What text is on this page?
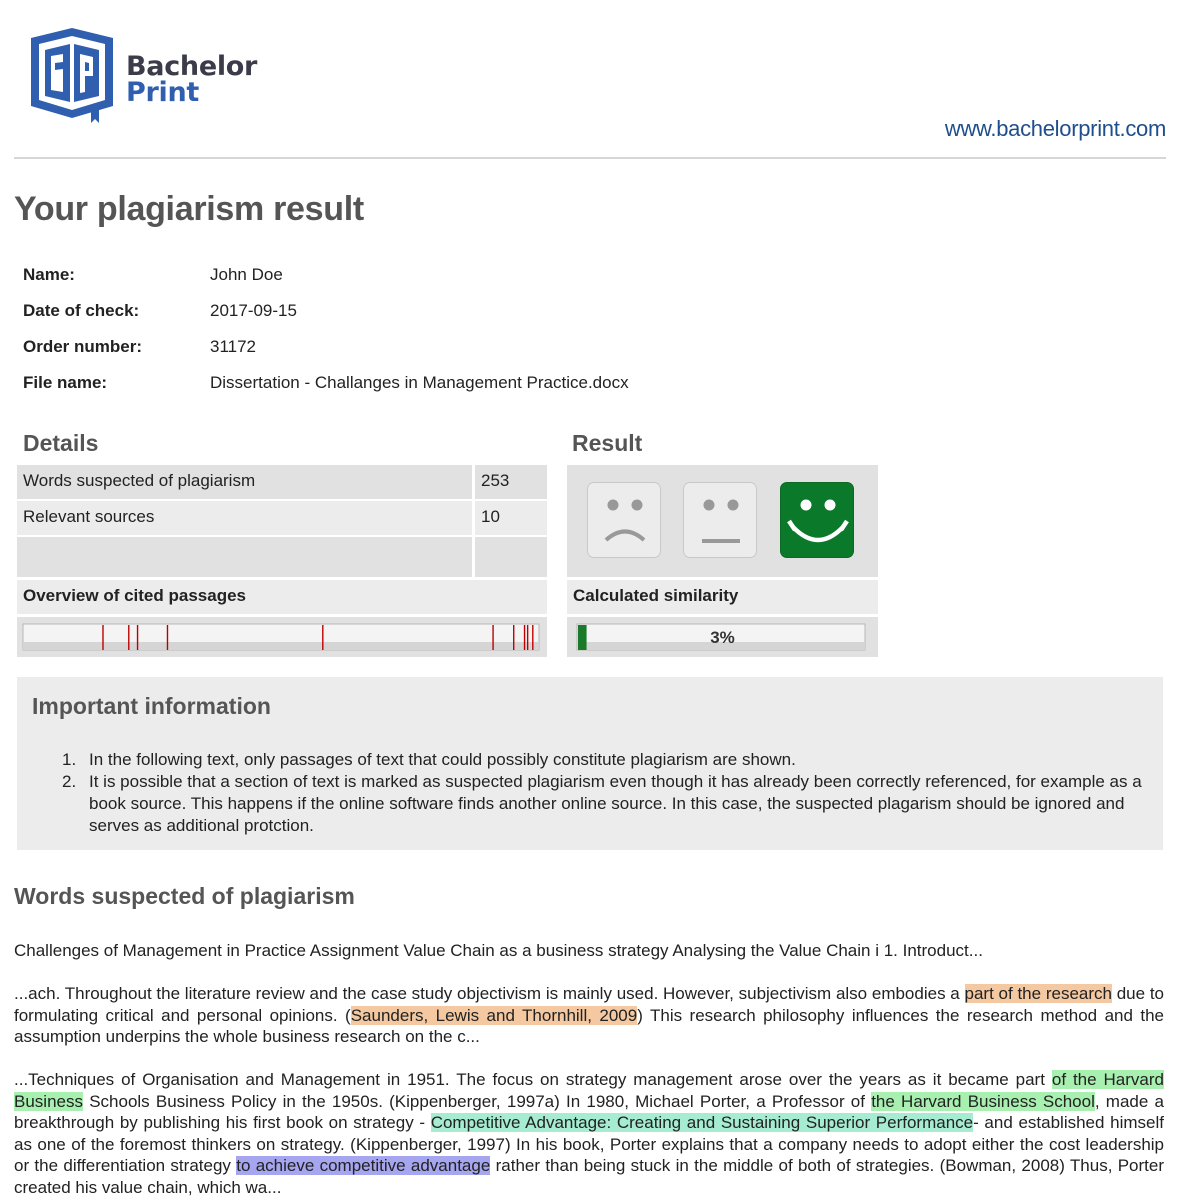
Bachelor
Print
www.bachelorprint.com
Your plagiarism result
Name:	John Doe
Date of check:	2017-09-15
Order number:	31172
File name:	Dissertation - Challanges in Management Practice.docx
Details
Words suspected of plagiarism	253
Relevant sources	10
Overview of cited passages
Result
Calculated similarity
3%
Important information
1. In the following text, only passages of text that could possibly constitute plagiarism are shown.
2. It is possible that a section of text is marked as suspected plagiarism even though it has already been correctly referenced, for example as a book source. This happens if the online software finds another online source. In this case, the suspected plagarism should be ignored and serves as additional protction.
Words suspected of plagiarism
Challenges of Management in Practice Assignment Value Chain as a business strategy Analysing the Value Chain i 1. Introduct...
...ach. Throughout the literature review and the case study objectivism is mainly used. However, subjectivism also embodies a part of the research due to formulating critical and personal opinions. (Saunders, Lewis and Thornhill, 2009) This research philosophy influences the research method and the assumption underpins the whole business research on the c...
...Techniques of Organisation and Management in 1951. The focus on strategy management arose over the years as it became part of the Harvard Business Schools Business Policy in the 1950s. (Kippenberger, 1997a) In 1980, Michael Porter, a Professor of the Harvard Business School, made a breakthrough by publishing his first book on strategy - Competitive Advantage: Creating and Sustaining Superior Performance- and established himself as one of the foremost thinkers on strategy. (Kippenberger, 1997) In his book, Porter explains that a company needs to adopt either the cost leadership or the differentiation strategy to achieve competitive advantage rather than being stuck in the middle of both of strategies. (Bowman, 2008) Thus, Porter created his value chain, which wa...
